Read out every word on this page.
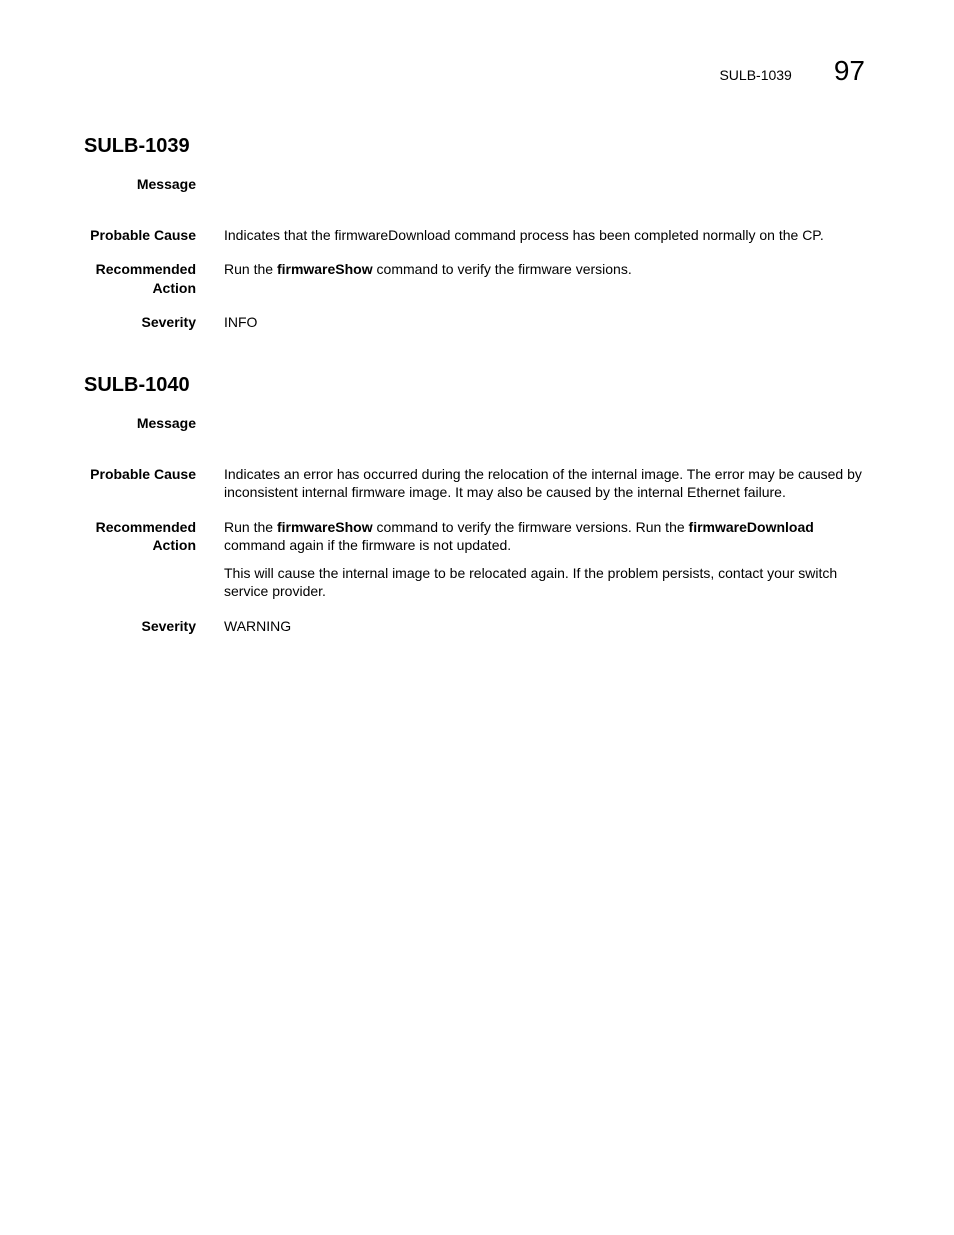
SULB-1039 97
SULB-1039
Message
Probable Cause Indicates that the firmwareDownload command process has been completed normally on the CP.

Recommended
Action

Run the firmwareShow command to verify the firmware versions.

Severity INFO
SULB-1040
Message
Probable Cause Indicates an error has occurred during the relocation of the internal image. The error may be caused by inconsistent internal firmware image. It may also be caused by the internal Ethernet failure.

Recommended
Action

Run the firmwareShow command to verify the firmware versions. Run the firmwareDownload command again if the firmware is not updated.

This will cause the internal image to be relocated again. If the problem persists, contact your switch service provider.

Severity WARNING
